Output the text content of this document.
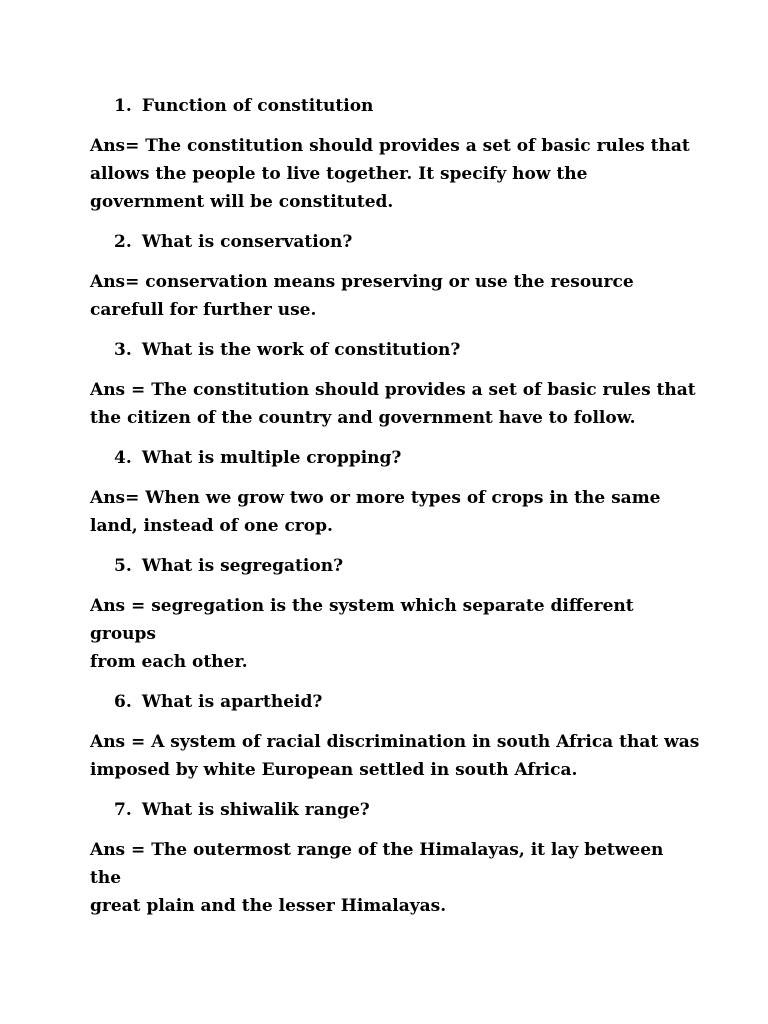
1. Function of constitution

Ans= The constitution should provides a set of basic rules that
allows the people to live together. It specify how the
government will be constituted.

2. What is conservation?

Ans= conservation means preserving or use the resource
carefull for further use.

3. What is the work of constitution?

Ans = The constitution should provides a set of basic rules that
the citizen of the country and government have to follow.

4. What is multiple cropping?

Ans= When we grow two or more types of crops in the same
land, instead of one crop.

5. What is segregation?

Ans = segregation is the system which separate different groups
from each other.

6. What is apartheid?

Ans = A system of racial discrimination in south Africa that was
imposed by white European settled in south Africa.

7. What is shiwalik range?

Ans = The outermost range of the Himalayas, it lay between the
great plain and the lesser Himalayas.
